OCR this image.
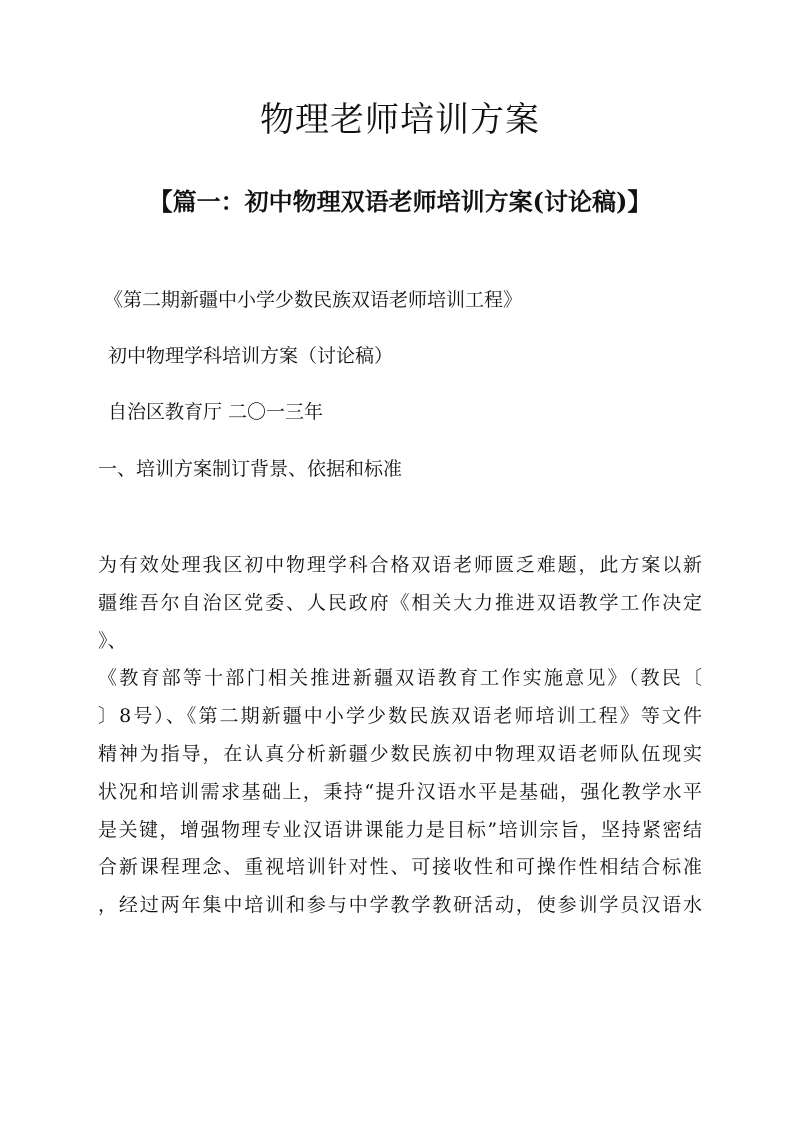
物理老师培训方案
【篇一：初中物理双语老师培训方案(讨论稿)】

《第二期新疆中小学少数民族双语老师培训工程》

初中物理学科培训方案（讨论稿）

自治区教育厅 二〇一三年

一、培训方案制订背景、依据和标准

为有效处理我区初中物理学科合格双语老师匮乏难题，此方案以新
疆维吾尔自治区党委、人民政府《相关大力推进双语教学工作决定
》、
《教育部等十部门相关推进新疆双语教育工作实施意见》（教民〔
〕8号）、《第二期新疆中小学少数民族双语老师培训工程》等文件
精神为指导，在认真分析新疆少数民族初中物理双语老师队伍现实
状况和培训需求基础上，秉持“提升汉语水平是基础，强化教学水平
是关键，增强物理专业汉语讲课能力是目标”培训宗旨，坚持紧密结
合新课程理念、重视培训针对性、可接收性和可操作性相结合标准
，经过两年集中培训和参与中学教学教研活动，使参训学员汉语水
